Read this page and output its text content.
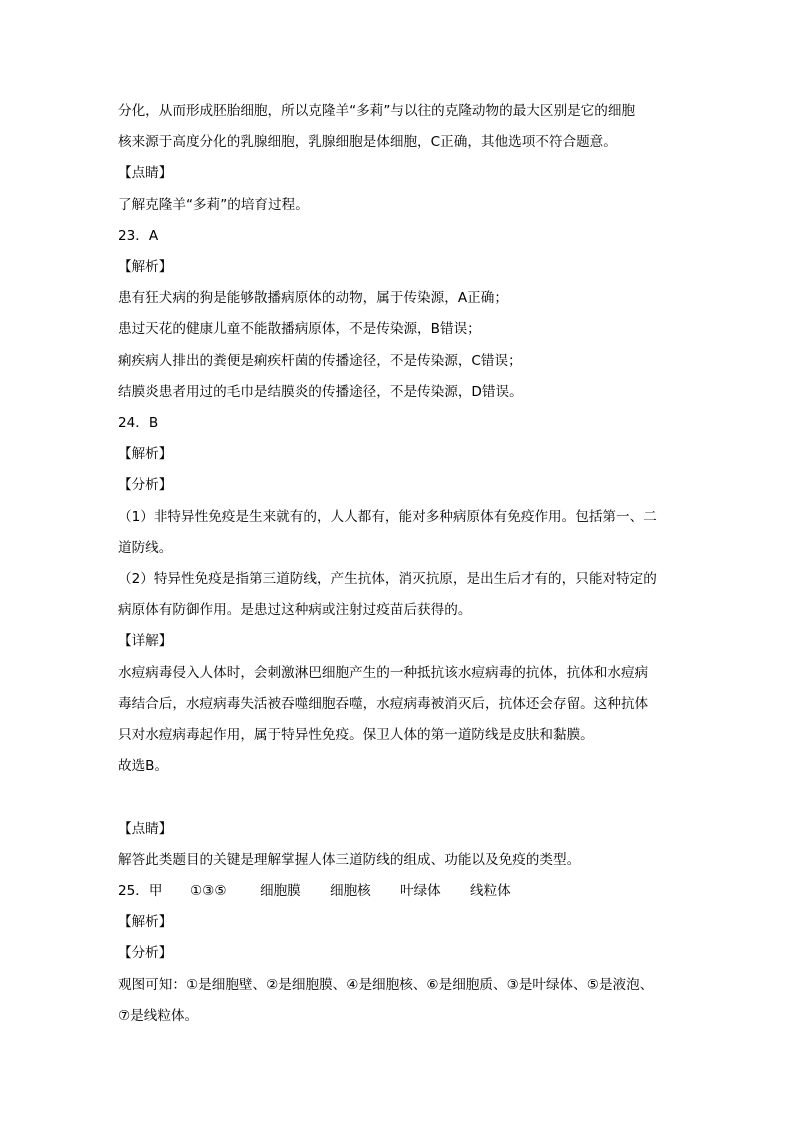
分化，从而形成胚胎细胞，所以克隆羊“多莉”与以往的克隆动物的最大区别是它的细胞
核来源于高度分化的乳腺细胞，乳腺细胞是体细胞，C正确，其他选项不符合题意。
【点睛】
了解克隆羊“多莉”的培育过程。
23．A
【解析】
患有狂犬病的狗是能够散播病原体的动物，属于传染源，A正确；
患过天花的健康儿童不能散播病原体，不是传染源，B错误；
痢疾病人排出的粪便是痢疾杆菌的传播途径，不是传染源，C错误；
结膜炎患者用过的毛巾是结膜炎的传播途径，不是传染源，D错误。
24．B
【解析】
【分析】
（1）非特异性免疫是生来就有的，人人都有，能对多种病原体有免疫作用。包括第一、二
道防线。
（2）特异性免疫是指第三道防线，产生抗体，消灭抗原，是出生后才有的，只能对特定的
病原体有防御作用。是患过这种病或注射过疫苗后获得的。
【详解】
水痘病毒侵入人体时，会刺激淋巴细胞产生的一种抵抗该水痘病毒的抗体，抗体和水痘病
毒结合后，水痘病毒失活被吞噬细胞吞噬，水痘病毒被消灭后，抗体还会存留。这种抗体
只对水痘病毒起作用，属于特异性免疫。保卫人体的第一道防线是皮肤和黏膜。
故选B。
【点睛】
解答此类题目的关键是理解掌握人体三道防线的组成、功能以及免疫的类型。
25．甲 ①③⑤ 细胞膜 细胞核 叶绿体 线粒体
【解析】
【分析】
观图可知：①是细胞壁、②是细胞膜、④是细胞核、⑥是细胞质、③是叶绿体、⑤是液泡、
⑦是线粒体。
